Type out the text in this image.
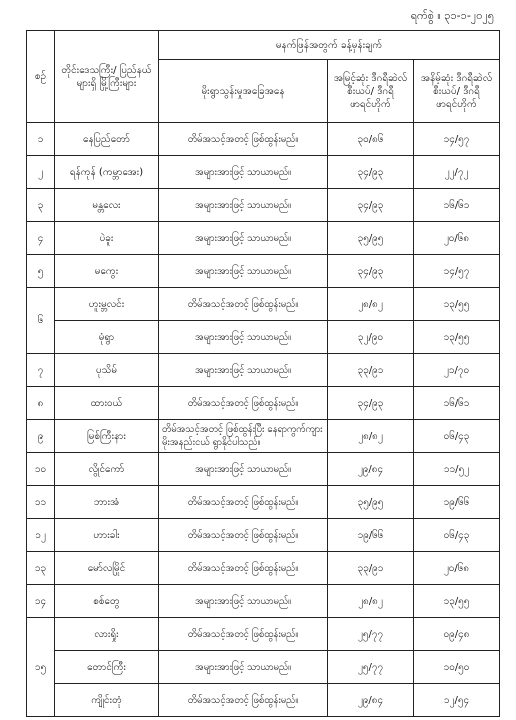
ရက်စွဲ ။ ၃၁-၁-၂၀၂၅
စဉ်	တိုင်းဒေသကြီး/ ပြည်နယ်များရှိ မြို့ကြီးများ	မနက်ဖြန်အတွက် ခန့်မှန်းချက်		
		မိုးရွာသွန်းမှုအခြေအနေ	အမြင့်ဆုံး ဒီဂရီဆဲလ်စီးယပ်/ ဒီဂရီဖာရင်ဟိုက်	အနိမ့်ဆုံး ဒီဂရီဆဲလ်စီးယပ်/ ဒီဂရီဖာရင်ဟိုက်
၁	နေပြည်တော်	တိမ်အသင့်အတင့် ဖြစ်ထွန်းမည်။	၃၀/၈၆	၁၄/၅၇
၂	ရန်ကုန် (ကမ္ဘာအေး)	အများအားဖြင့် သာယာမည်။	၃၄/၉၃	၂၂/၇၂
၃	မန္တလေး	အများအားဖြင့် သာယာမည်။	၃၄/၉၃	၁၆/၆၁
၄	ပဲခူး	အများအားဖြင့် သာယာမည်။	၃၅/၉၅	၂၀/၆၈
၅	မကွေး	အများအားဖြင့် သာယာမည်။	၃၄/၉၃	၁၄/၅၇
၆	ဟူးမ္ဘလင်း	တိမ်အသင့်အတင့် ဖြစ်ထွန်းမည်။	၂၈/၈၂	၁၃/၅၅
	မုံရွာ	အများအားဖြင့် သာယာမည်။	၃၂/၉၀	၁၃/၅၅
၇	ပုသိမ်	အများအားဖြင့် သာယာမည်။	၃၃/၉၁	၂၁/၇၀
၈	ထားဝယ်	တိမ်အသင့်အတင့် ဖြစ်ထွန်းမည်။	၃၄/၉၃	၁၆/၆၁
၉	မြစ်ကြီးနား	တိမ်အသင့်အတင့် ဖြစ်ထွန်းပြီး နေရာကွက်ကျား မိုးအနည်းငယ် ရွာနိုင်ပါသည်။	၂၈/၈၂	၀၆/၄၃
၁၀	လွိုင်ကော်	အများအားဖြင့် သာယာမည်။	၂၉/၈၄	၁၁/၅၂
၁၁	ဘားအံ	တိမ်အသင့်အတင့် ဖြစ်ထွန်းမည်။	၃၅/၉၅	၁၉/၆၆
၁၂	ဟားခါး	တိမ်အသင့်အတင့် ဖြစ်ထွန်းမည်။	၁၉/၆၆	၀၆/၄၃
၁၃	မော်လမြိုင်	တိမ်အသင့်အတင့် ဖြစ်ထွန်းမည်။	၃၃/၉၁	၂၀/၆၈
၁၄	စစ်တွေ	အများအားဖြင့် သာယာမည်။	၂၈/၈၂	၁၃/၅၅
၁၅	လားရှိုး	တိမ်အသင့်အတင့် ဖြစ်ထွန်းမည်။	၂၅/၇၇	၀၉/၄၈
	တောင်ကြီး	အများအားဖြင့် သာယာမည်။	၂၅/၇၇	၁၀/၅၀
	ကျိုင်းတုံ	တိမ်အသင့်အတင့် ဖြစ်ထွန်းမည်။	၂၉/၈၄	၁၂/၅၄
